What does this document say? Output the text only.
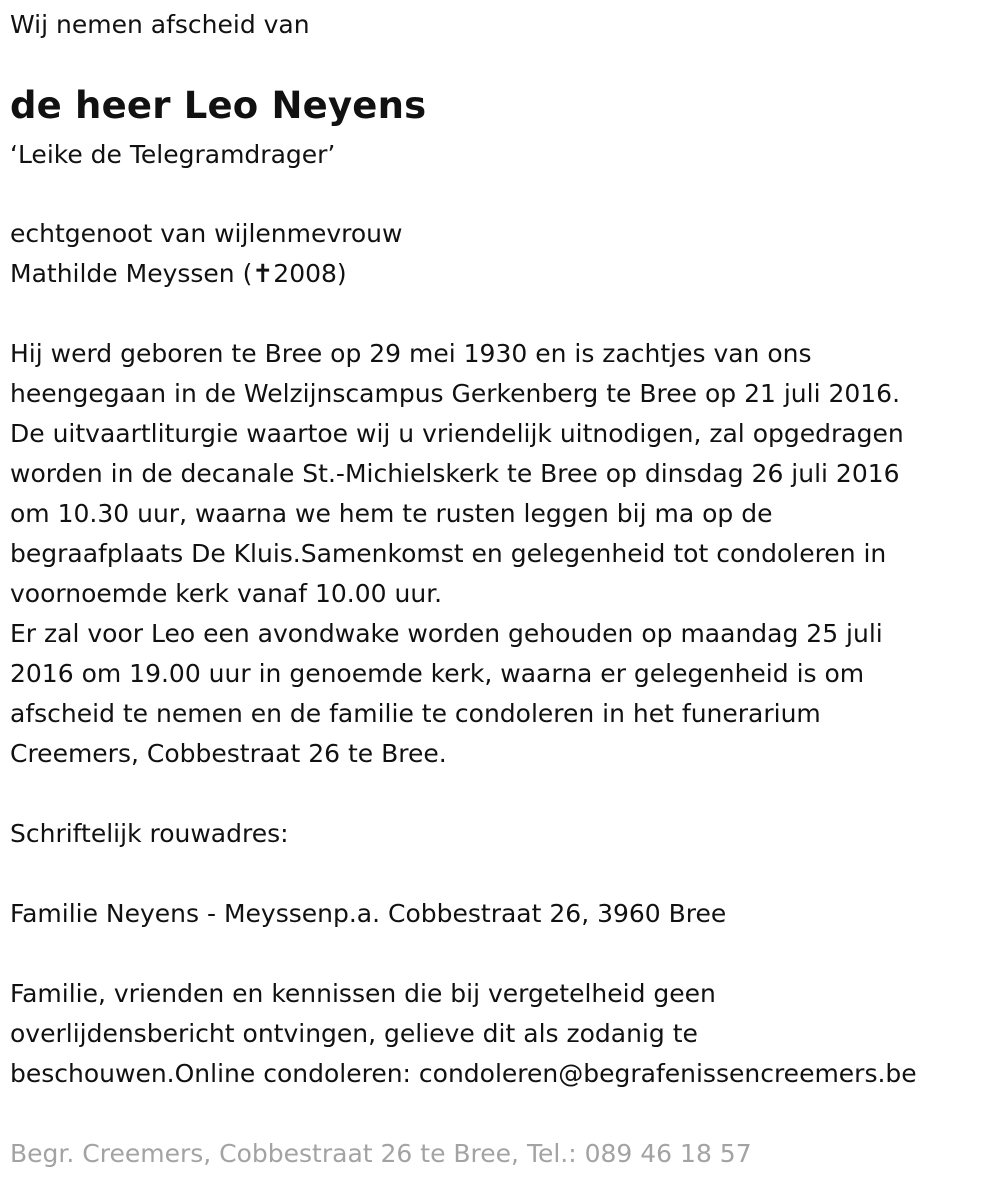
Wij nemen afscheid van

de heer Leo Neyens

‘Leike de Telegramdrager’

echtgenoot van wijlenmevrouw

Mathilde Meyssen (✝2008)

Hij werd geboren te Bree op 29 mei 1930 en is zachtjes van ons

heengegaan in de Welzijnscampus Gerkenberg te Bree op 21 juli 2016.

De uitvaartliturgie waartoe wij u vriendelijk uitnodigen, zal opgedragen

worden in de decanale St.-Michielskerk te Bree op dinsdag 26 juli 2016

om 10.30 uur, waarna we hem te rusten leggen bij ma op de

begraafplaats De Kluis.Samenkomst en gelegenheid tot condoleren in

voornoemde kerk vanaf 10.00 uur.

Er zal voor Leo een avondwake worden gehouden op maandag 25 juli

2016 om 19.00 uur in genoemde kerk, waarna er gelegenheid is om

afscheid te nemen en de familie te condoleren in het funerarium

Creemers, Cobbestraat 26 te Bree.

Schriftelijk rouwadres:

Familie Neyens - Meyssenp.a. Cobbestraat 26, 3960 Bree

Familie, vrienden en kennissen die bij vergetelheid geen

overlijdensbericht ontvingen, gelieve dit als zodanig te

beschouwen.Online condoleren: condoleren@begrafenissencreemers.be

Begr. Creemers, Cobbestraat 26 te Bree, Tel.: 089 46 18 57
